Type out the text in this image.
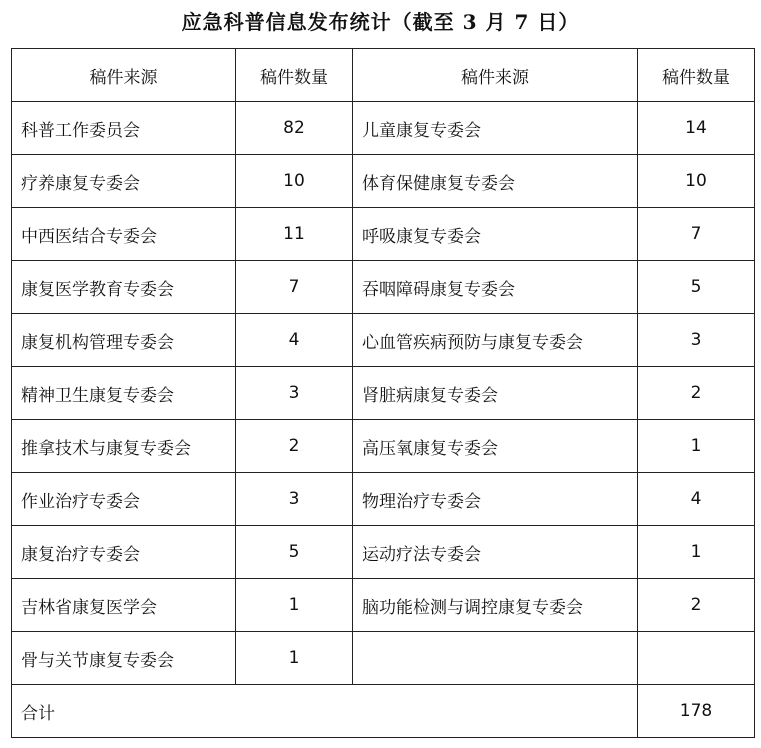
应急科普信息发布统计（截至 3 月 7 日）
稿件来源	稿件数量	稿件来源	稿件数量
科普工作委员会	82	儿童康复专委会	14
疗养康复专委会	10	体育保健康复专委会	10
中西医结合专委会	11	呼吸康复专委会	7
康复医学教育专委会	7	吞咽障碍康复专委会	5
康复机构管理专委会	4	心血管疾病预防与康复专委会	3
精神卫生康复专委会	3	肾脏病康复专委会	2
推拿技术与康复专委会	2	高压氧康复专委会	1
作业治疗专委会	3	物理治疗专委会	4
康复治疗专委会	5	运动疗法专委会	1
吉林省康复医学会	1	脑功能检测与调控康复专委会	2
骨与关节康复专委会	1		
合计			178
